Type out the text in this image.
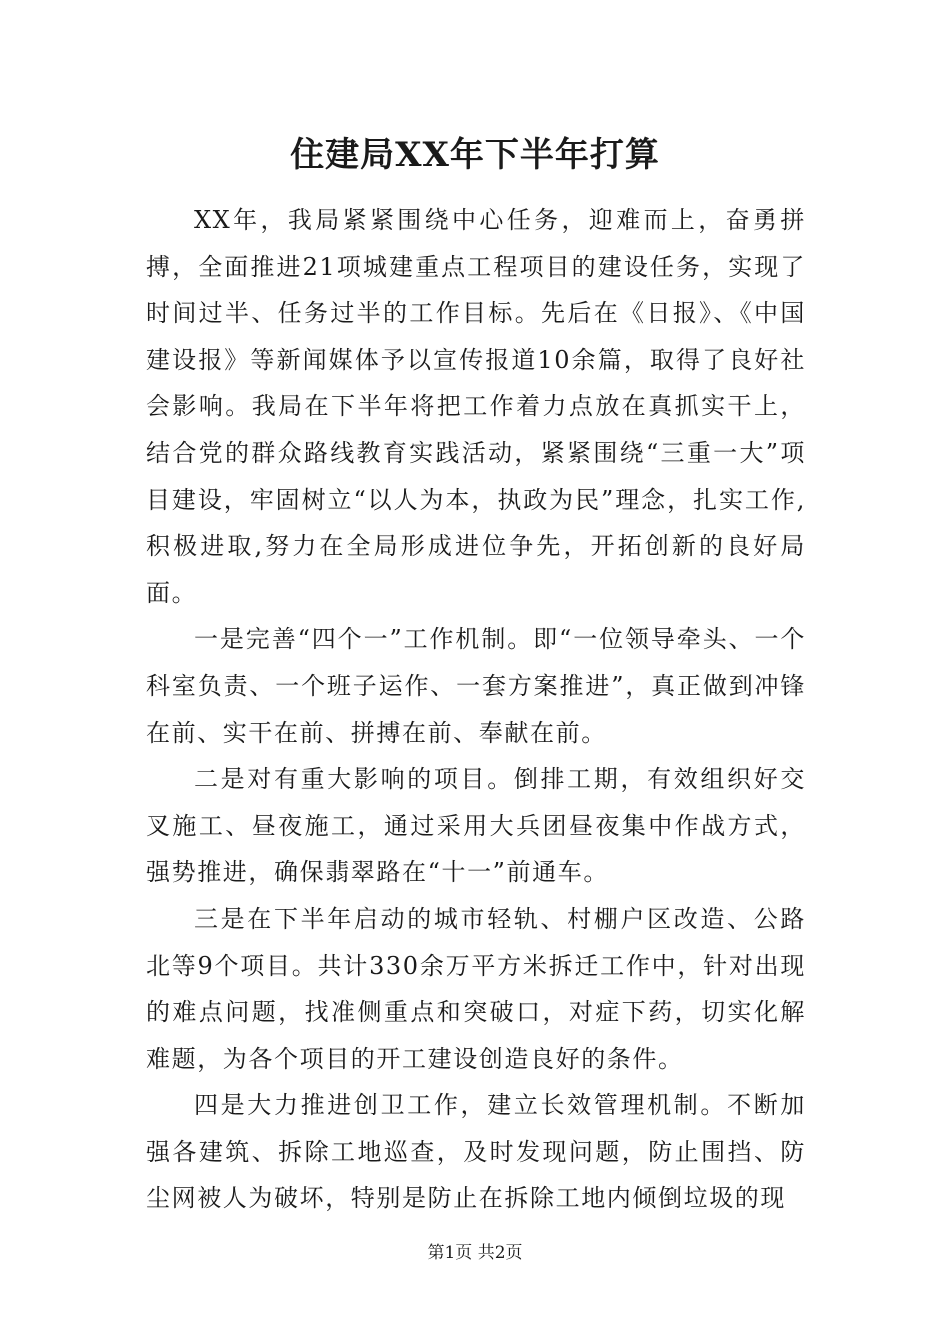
住建局XX年下半年打算

XX年，我局紧紧围绕中心任务，迎难而上，奋勇拼搏，全面推进21项城建重点工程项目的建设任务，实现了时间过半、任务过半的工作目标。先后在《日报》、《中国建设报》等新闻媒体予以宣传报道10余篇，取得了良好社会影响。我局在下半年将把工作着力点放在真抓实干上，结合党的群众路线教育实践活动，紧紧围绕“三重一大”项目建设，牢固树立“以人为本，执政为民”理念，扎实工作,积极进取,努力在全局形成进位争先，开拓创新的良好局面。

一是完善“四个一”工作机制。即“一位领导牵头、一个科室负责、一个班子运作、一套方案推进”，真正做到冲锋在前、实干在前、拼搏在前、奉献在前。

二是对有重大影响的项目。倒排工期，有效组织好交叉施工、昼夜施工，通过采用大兵团昼夜集中作战方式，强势推进，确保翡翠路在“十一”前通车。

三是在下半年启动的城市轻轨、村棚户区改造、公路北等9个项目。共计330余万平方米拆迁工作中，针对出现的难点问题，找准侧重点和突破口，对症下药，切实化解难题，为各个项目的开工建设创造良好的条件。

四是大力推进创卫工作，建立长效管理机制。不断加强各建筑、拆除工地巡查，及时发现问题，防止围挡、防尘网被人为破坏，特别是防止在拆除工地内倾倒垃圾的现

第1页 共2页
